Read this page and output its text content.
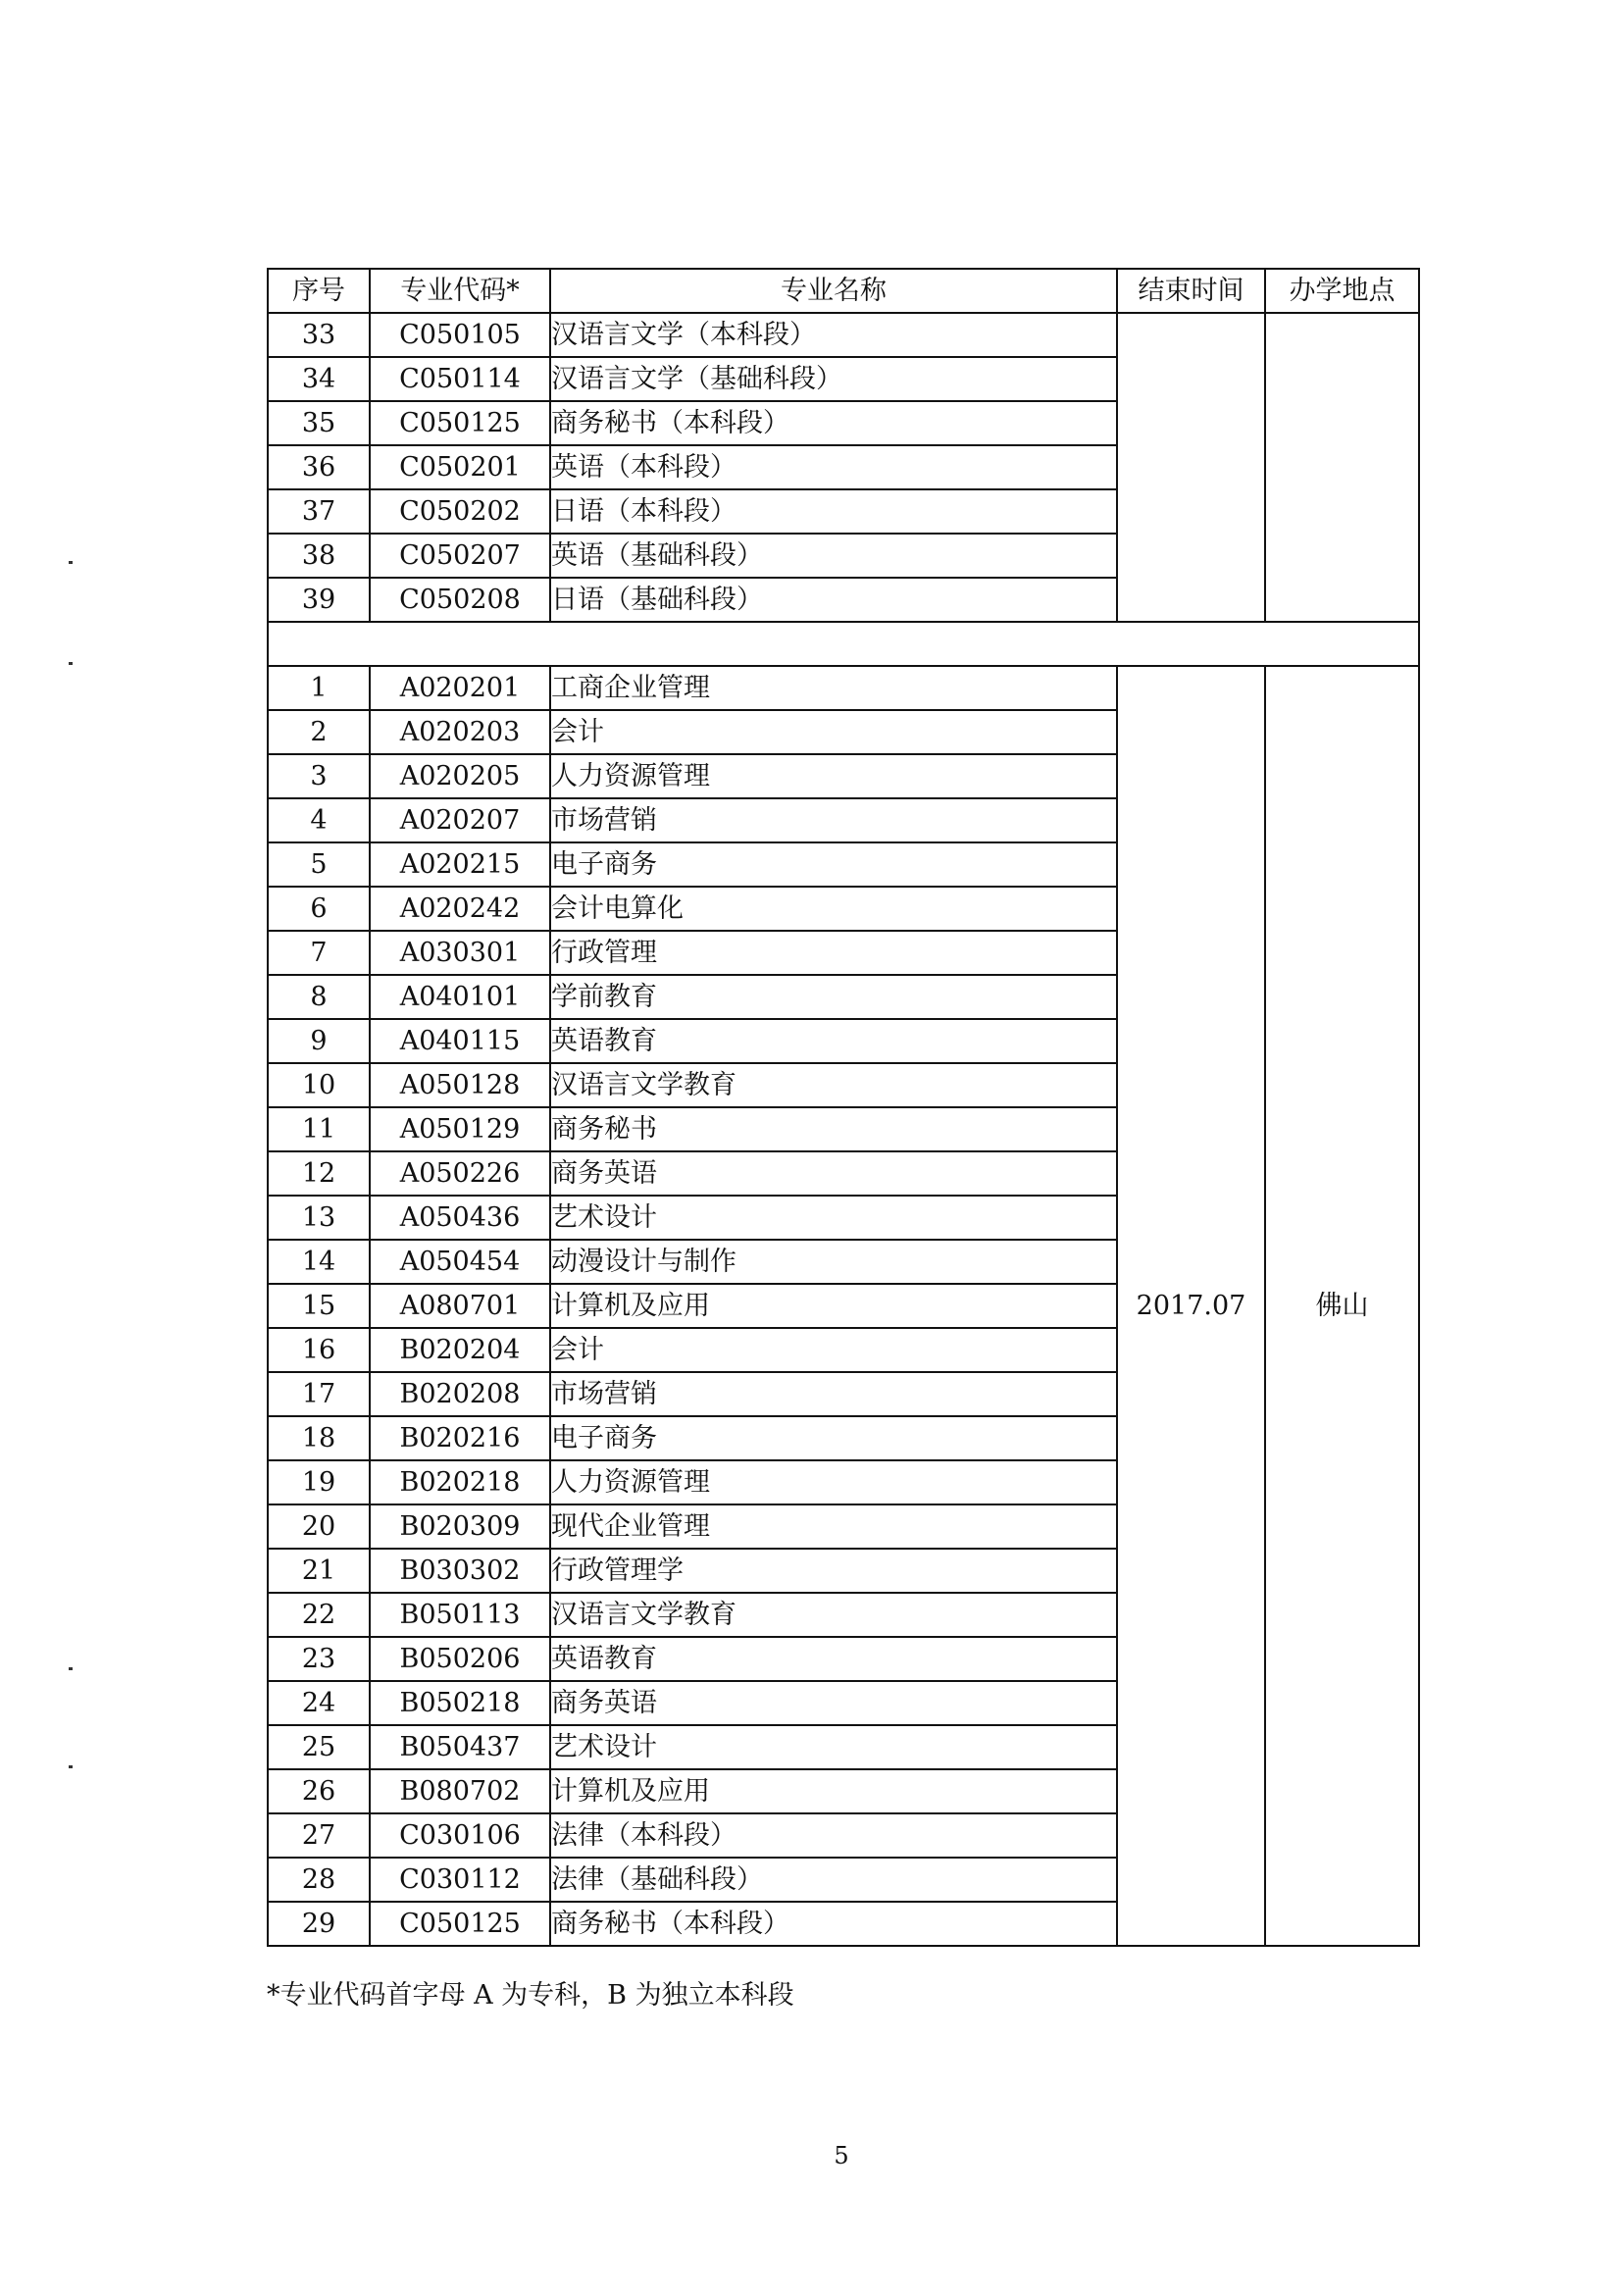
序号	专业代码*	专业名称	结束时间	办学地点
33	C050105	汉语言文学（本科段）		
34	C050114	汉语言文学（基础科段）		
35	C050125	商务秘书（本科段）		
36	C050201	英语（本科段）		
37	C050202	日语（本科段）		
38	C050207	英语（基础科段）		
39	C050208	日语（基础科段）		

1	A020201	工商企业管理	2017.07	佛山
2	A020203	会计		
3	A020205	人力资源管理		
4	A020207	市场营销		
5	A020215	电子商务		
6	A020242	会计电算化		
7	A030301	行政管理		
8	A040101	学前教育		
9	A040115	英语教育		
10	A050128	汉语言文学教育		
11	A050129	商务秘书		
12	A050226	商务英语		
13	A050436	艺术设计		
14	A050454	动漫设计与制作		
15	A080701	计算机及应用		
16	B020204	会计		
17	B020208	市场营销		
18	B020216	电子商务		
19	B020218	人力资源管理		
20	B020309	现代企业管理		
21	B030302	行政管理学		
22	B050113	汉语言文学教育		
23	B050206	英语教育		
24	B050218	商务英语		
25	B050437	艺术设计		
26	B080702	计算机及应用		
27	C030106	法律（本科段）		
28	C030112	法律（基础科段）		
29	C050125	商务秘书（本科段）		
*专业代码首字母 A 为专科，B 为独立本科段
5
